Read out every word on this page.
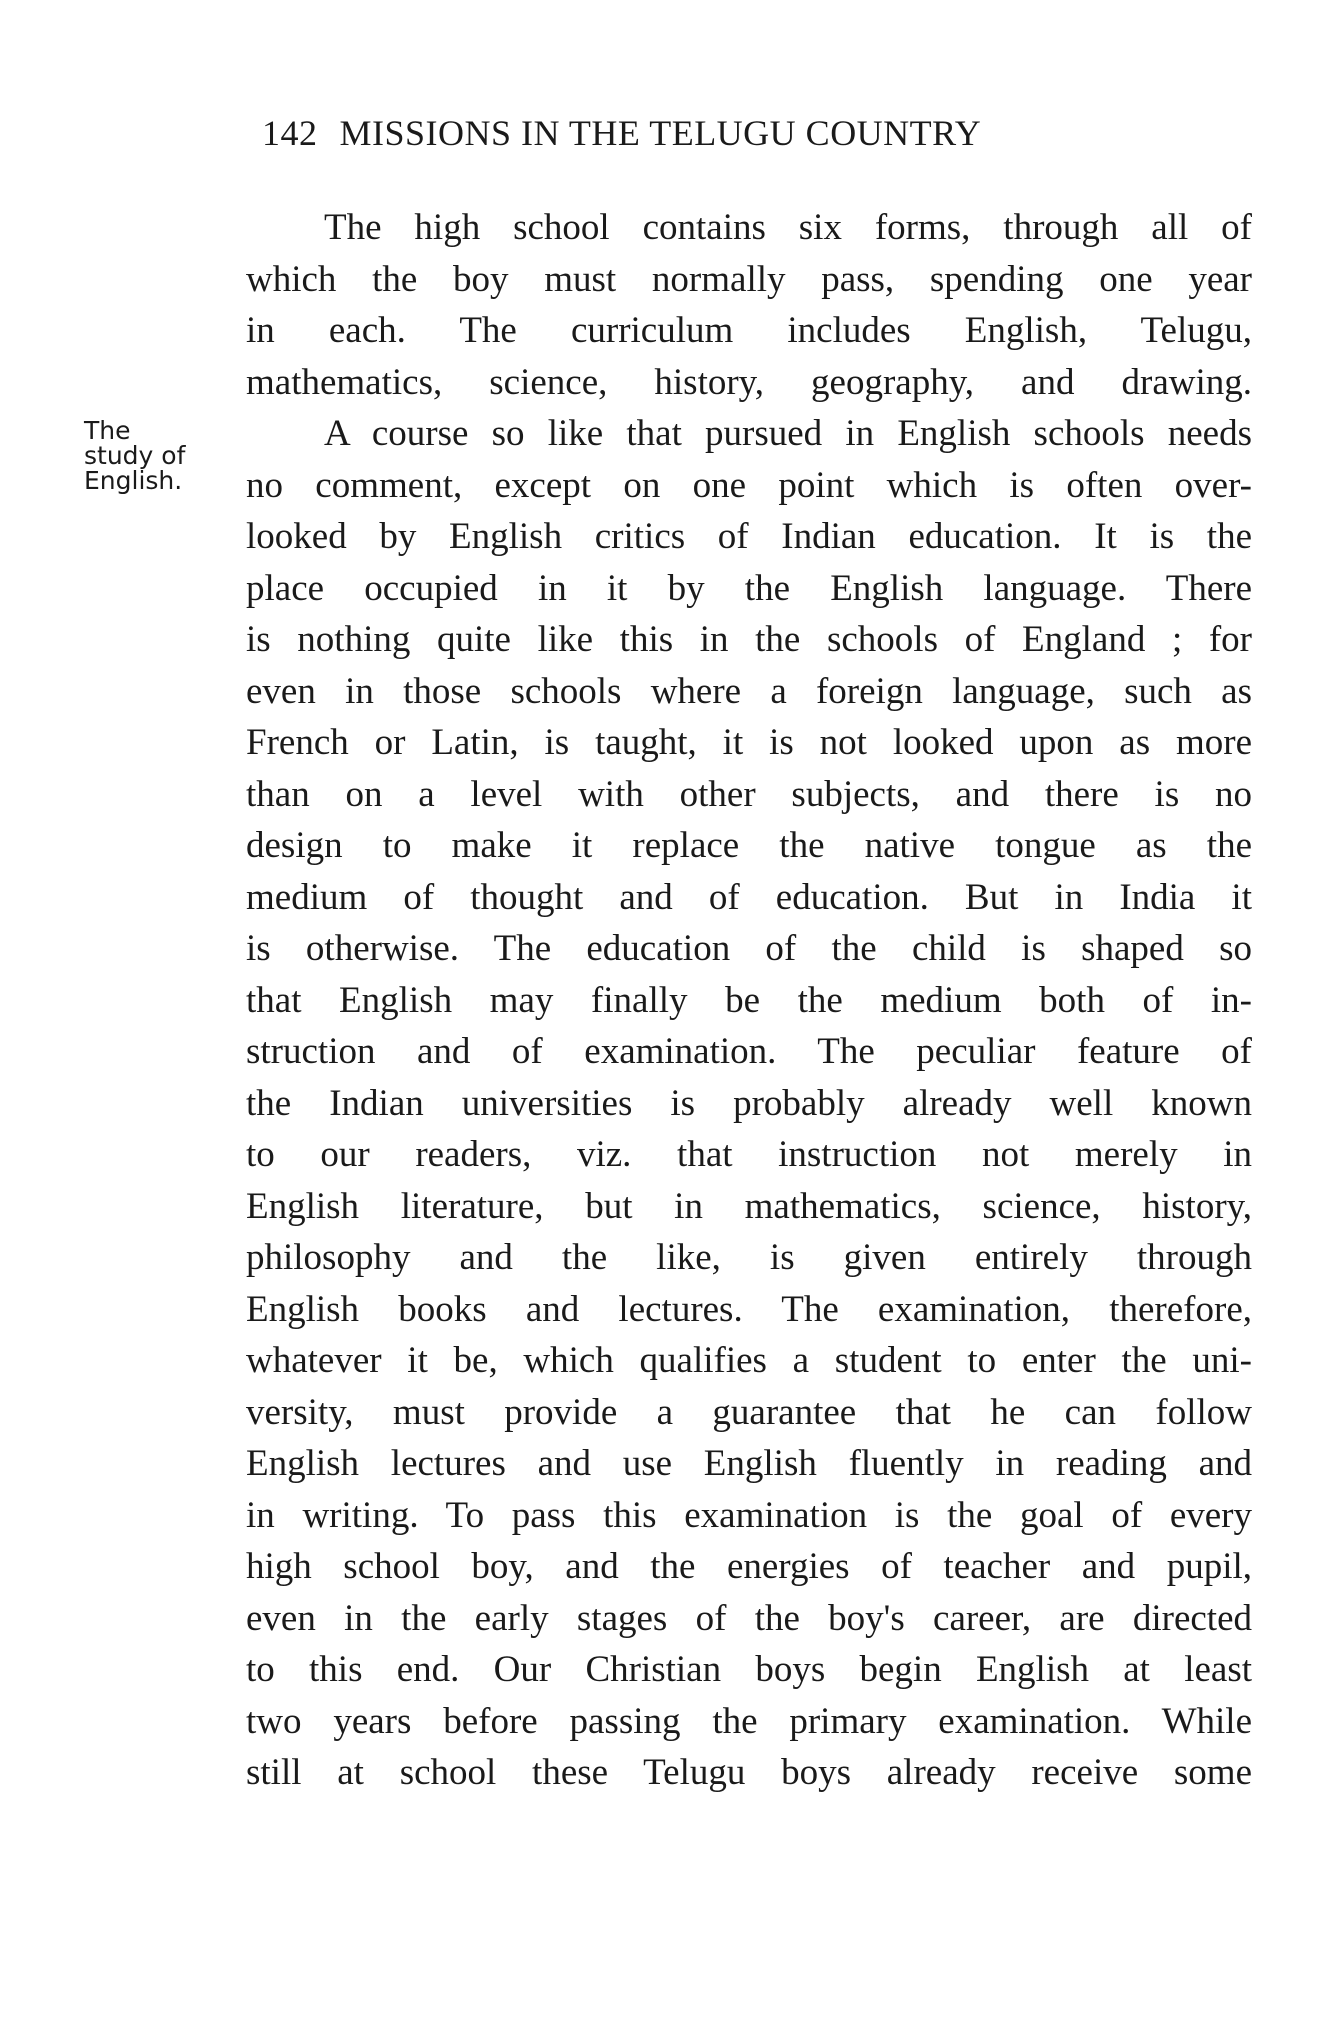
142 MISSIONS IN THE TELUGU COUNTRY
The
study of
English.
The high school contains six forms, through all of
which the boy must normally pass, spending one year
in each. The curriculum includes English, Telugu,
mathematics, science, history, geography, and drawing.
A course so like that pursued in English schools needs
no comment, except on one point which is often over-
looked by English critics of Indian education. It is the
place occupied in it by the English language. There
is nothing quite like this in the schools of England ; for
even in those schools where a foreign language, such as
French or Latin, is taught, it is not looked upon as more
than on a level with other subjects, and there is no
design to make it replace the native tongue as the
medium of thought and of education. But in India it
is otherwise. The education of the child is shaped so
that English may finally be the medium both of in-
struction and of examination. The peculiar feature of
the Indian universities is probably already well known
to our readers, viz. that instruction not merely in
English literature, but in mathematics, science, history,
philosophy and the like, is given entirely through
English books and lectures. The examination, therefore,
whatever it be, which qualifies a student to enter the uni-
versity, must provide a guarantee that he can follow
English lectures and use English fluently in reading and
in writing. To pass this examination is the goal of every
high school boy, and the energies of teacher and pupil,
even in the early stages of the boy's career, are directed
to this end. Our Christian boys begin English at least
two years before passing the primary examination. While
still at school these Telugu boys already receive some
